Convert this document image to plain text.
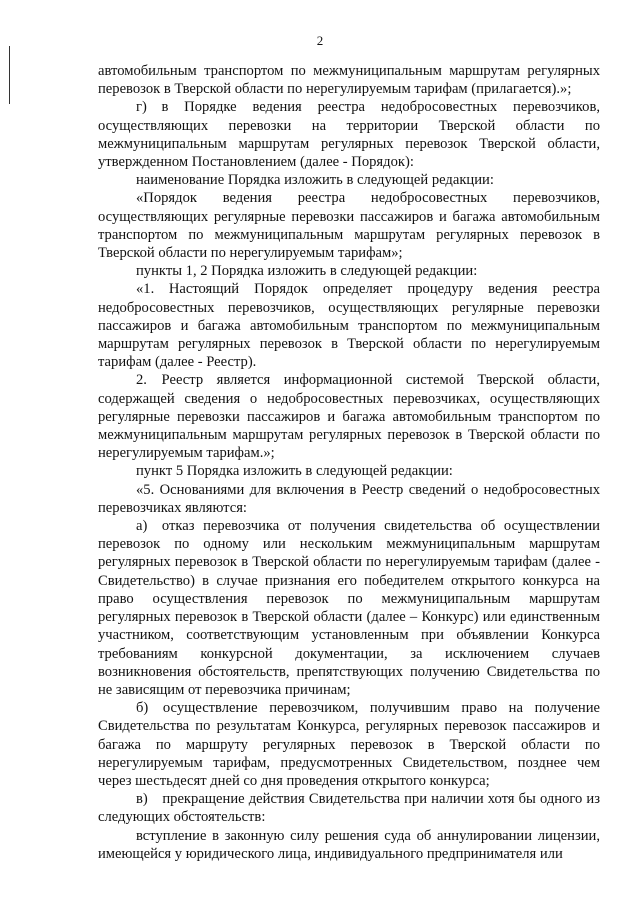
2

автомобильным транспортом по межмуниципальным маршрутам регулярных перевозок в Тверской области по нерегулируемым тарифам (прилагается).»;

г) в Порядке ведения реестра недобросовестных перевозчиков, осуществляющих перевозки на территории Тверской области по межмуниципальным маршрутам регулярных перевозок Тверской области, утвержденном Постановлением (далее - Порядок):

наименование Порядка изложить в следующей редакции:

«Порядок ведения реестра недобросовестных перевозчиков, осуществляющих регулярные перевозки пассажиров и багажа автомобильным транспортом по межмуниципальным маршрутам регулярных перевозок в Тверской области по нерегулируемым тарифам»;

пункты 1, 2 Порядка изложить в следующей редакции:

«1. Настоящий Порядок определяет процедуру ведения реестра недобросовестных перевозчиков, осуществляющих регулярные перевозки пассажиров и багажа автомобильным транспортом по межмуниципальным маршрутам регулярных перевозок в Тверской области по нерегулируемым тарифам (далее - Реестр).

2. Реестр является информационной системой Тверской области, содержащей сведения о недобросовестных перевозчиках, осуществляющих регулярные перевозки пассажиров и багажа автомобильным транспортом по межмуниципальным маршрутам регулярных перевозок в Тверской области по нерегулируемым тарифам.»;

пункт 5 Порядка изложить в следующей редакции:

«5. Основаниями для включения в Реестр сведений о недобросовестных перевозчиках являются:

а) отказ перевозчика от получения свидетельства об осуществлении перевозок по одному или нескольким межмуниципальным маршрутам регулярных перевозок в Тверской области по нерегулируемым тарифам (далее - Свидетельство) в случае признания его победителем открытого конкурса на право осуществления перевозок по межмуниципальным маршрутам регулярных перевозок в Тверской области (далее – Конкурс) или единственным участником, соответствующим установленным при объявлении Конкурса требованиям конкурсной документации, за исключением случаев возникновения обстоятельств, препятствующих получению Свидетельства по не зависящим от перевозчика причинам;

б) осуществление перевозчиком, получившим право на получение Свидетельства по результатам Конкурса, регулярных перевозок пассажиров и багажа по маршруту регулярных перевозок в Тверской области по нерегулируемым тарифам, предусмотренных Свидетельством, позднее чем через шестьдесят дней со дня проведения открытого конкурса;

в) прекращение действия Свидетельства при наличии хотя бы одного из следующих обстоятельств:

вступление в законную силу решения суда об аннулировании лицензии, имеющейся у юридического лица, индивидуального предпринимателя или
